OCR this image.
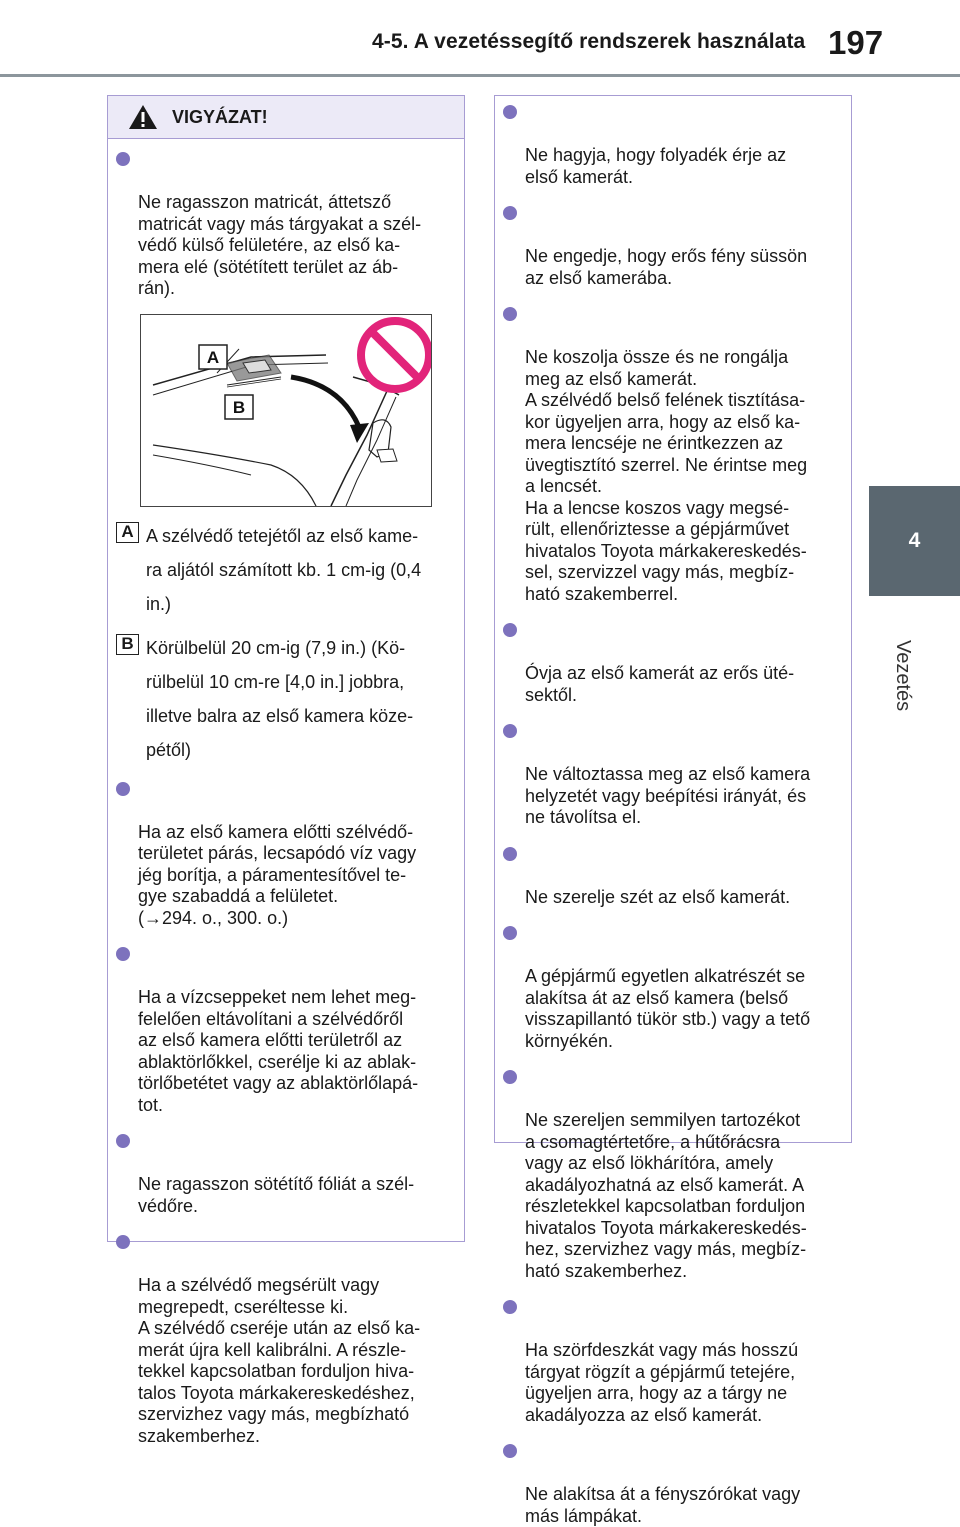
4-5. A vezetéssegítő rendszerek használata 197
4
Vezetés
VIGYÁZAT!

Ne ragasszon matricát, áttetsző
matricát vagy más tárgyakat a szél-
védő külső felületére, az első ka-
mera elé (sötétített terület az áb-
rán).

A
B
A A szélvédő tetejétől az első kame-
ra aljától számított kb. 1 cm-ig (0,4
in.)
B Körülbelül 20 cm-ig (7,9 in.) (Kö-
rülbelül 10 cm-re [4,0 in.] jobbra,
illetve balra az első kamera köze-
pétől)

Ha az első kamera előtti szélvédő-
területet párás, lecsapódó víz vagy
jég borítja, a páramentesítővel te-
gye szabaddá a felületet.
(→294. o., 300. o.)

Ha a vízcseppeket nem lehet meg-
felelően eltávolítani a szélvédőről
az első kamera előtti területről az
ablaktörlőkkel, cserélje ki az ablak-
törlőbetétet vagy az ablaktörlőlapá-
tot.

Ne ragasszon sötétítő fóliát a szél-
védőre.

Ha a szélvédő megsérült vagy
megrepedt, cseréltesse ki.
A szélvédő cseréje után az első ka-
merát újra kell kalibrálni. A részle-
tekkel kapcsolatban forduljon hiva-
talos Toyota márkakereskedéshez,
szervizhez vagy más, megbízható
szakemberhez.

Ne hagyja, hogy folyadék érje az
első kamerát.

Ne engedje, hogy erős fény süssön
az első kamerába.

Ne koszolja össze és ne rongálja
meg az első kamerát.
A szélvédő belső felének tisztítása-
kor ügyeljen arra, hogy az első ka-
mera lencséje ne érintkezzen az
üvegtisztító szerrel. Ne érintse meg
a lencsét.
Ha a lencse koszos vagy megsé-
rült, ellenőriztesse a gépjárművet
hivatalos Toyota márkakereskedés-
sel, szervizzel vagy más, megbíz-
ható szakemberrel.

Óvja az első kamerát az erős üté-
sektől.

Ne változtassa meg az első kamera
helyzetét vagy beépítési irányát, és
ne távolítsa el.

Ne szerelje szét az első kamerát.

A gépjármű egyetlen alkatrészét se
alakítsa át az első kamera (belső
visszapillantó tükör stb.) vagy a tető
környékén.

Ne szereljen semmilyen tartozékot
a csomagtértetőre, a hűtőrácsra
vagy az első lökhárítóra, amely
akadályozhatná az első kamerát. A
részletekkel kapcsolatban forduljon
hivatalos Toyota márkakereskedés-
hez, szervizhez vagy más, megbíz-
ható szakemberhez.

Ha szörfdeszkát vagy más hosszú
tárgyat rögzít a gépjármű tetejére,
ügyeljen arra, hogy az a tárgy ne
akadályozza az első kamerát.

Ne alakítsa át a fényszórókat vagy
más lámpákat.
